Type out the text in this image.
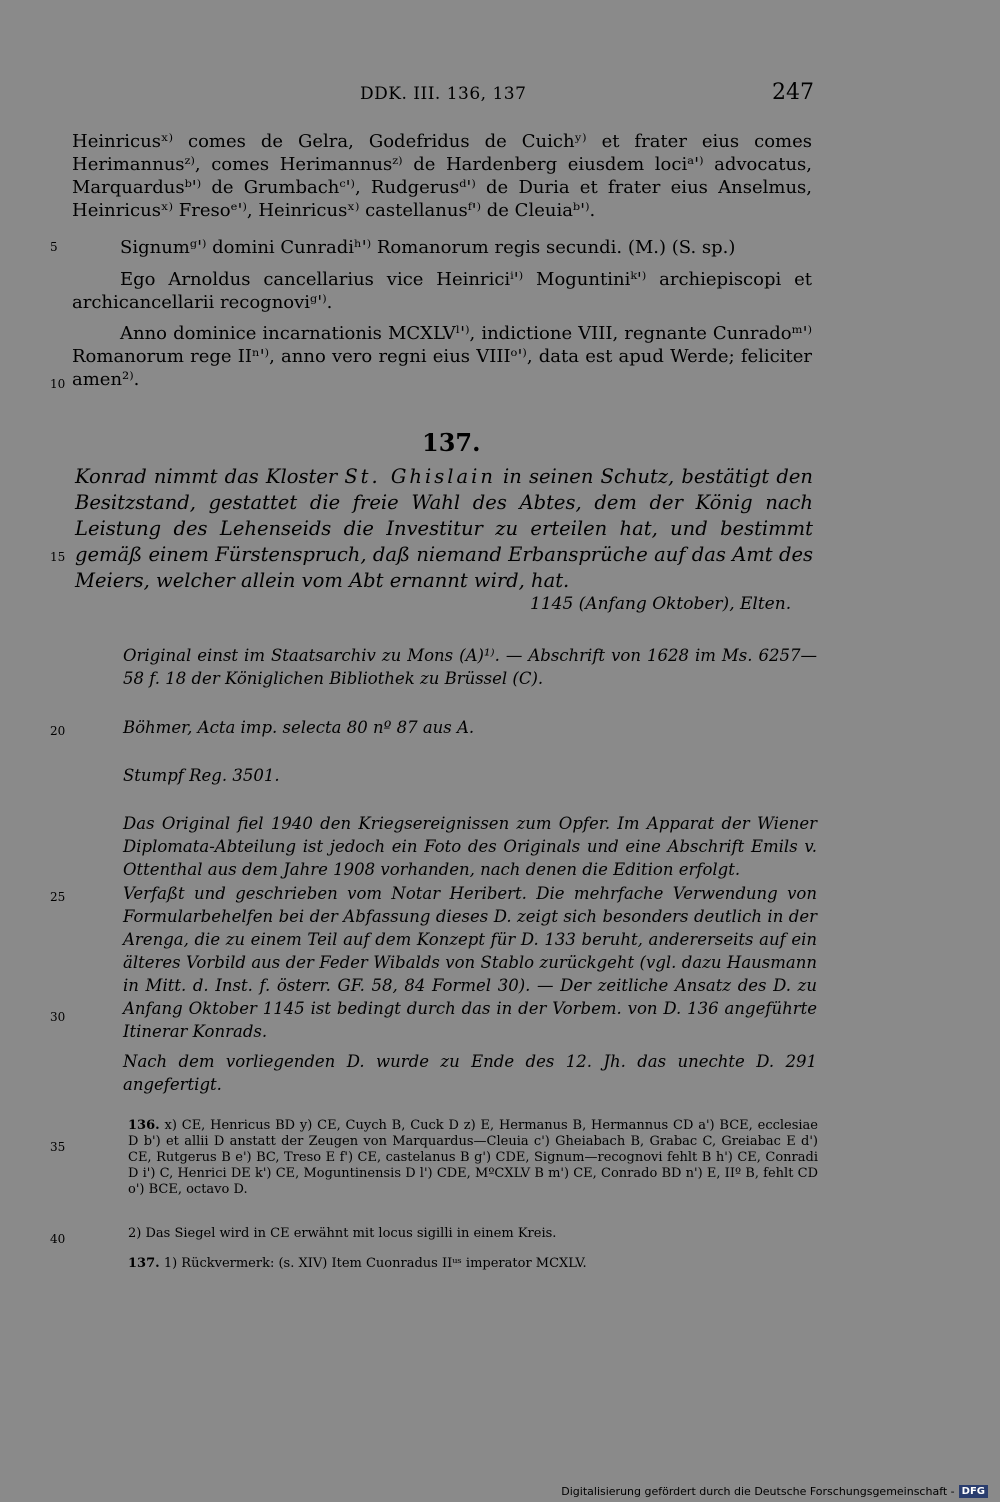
DDK. III. 136, 137	247
Heinricusˣ⁾ comes de Gelra, Godefridus de Cuichʸ⁾ et frater eius comes Herimannusᶻ⁾, comes Herimannusᶻ⁾ de Hardenberg eiusdem lociᵃ'⁾ advocatus, Marquardusᵇ'⁾ de Grumbachᶜ'⁾, Rudgerusᵈ'⁾ de Duria et frater eius Anselmus, Heinricusˣ⁾ Fresoᵉ'⁾, Heinricusˣ⁾ castellanusᶠ'⁾ de Cleuiaᵇ'⁾.
Signumᵍ'⁾ domini Cunradiʰ'⁾ Romanorum regis secundi. (M.) (S. sp.)
Ego Arnoldus cancellarius vice Heinriciⁱ'⁾ Moguntiniᵏ'⁾ archiepiscopi et archicancellarii recognoviᵍ'⁾.
Anno dominice incarnationis MCXLVˡ'⁾, indictione VIII, regnante Cunradoᵐ'⁾ Romanorum rege IIⁿ'⁾, anno vero regni eius VIIIᵒ'⁾, data est apud Werde; feliciter amen²⁾.
5
10
15
20
25
30
35
40
137.

Konrad nimmt das Kloster St. Ghislain in seinen Schutz, bestätigt den Besitzstand, gestattet die freie Wahl des Abtes, dem der König nach Leistung des Lehenseids die Investitur zu erteilen hat, und bestimmt gemäß einem Fürstenspruch, daß niemand Erbansprüche auf das Amt des Meiers, welcher allein vom Abt ernannt wird, hat.

1145 (Anfang Oktober), Elten.
Original einst im Staatsarchiv zu Mons (A)¹⁾. — Abschrift von 1628 im Ms. 6257—58 f. 18 der Königlichen Bibliothek zu Brüssel (C).
Böhmer, Acta imp. selecta 80 nº 87 aus A.
Stumpf Reg. 3501.
Das Original fiel 1940 den Kriegsereignissen zum Opfer. Im Apparat der Wiener Diplomata-Abteilung ist jedoch ein Foto des Originals und eine Abschrift Emils v. Ottenthal aus dem Jahre 1908 vorhanden, nach denen die Edition erfolgt.
Verfaßt und geschrieben vom Notar Heribert. Die mehrfache Verwendung von Formularbehelfen bei der Abfassung dieses D. zeigt sich besonders deutlich in der Arenga, die zu einem Teil auf dem Konzept für D. 133 beruht, andererseits auf ein älteres Vorbild aus der Feder Wibalds von Stablo zurückgeht (vgl. dazu Hausmann in Mitt. d. Inst. f. österr. GF. 58, 84 Formel 30). — Der zeitliche Ansatz des D. zu Anfang Oktober 1145 ist bedingt durch das in der Vorbem. von D. 136 angeführte Itinerar Konrads.
Nach dem vorliegenden D. wurde zu Ende des 12. Jh. das unechte D. 291 angefertigt.
136. x) CE, Henricus BD y) CE, Cuych B, Cuck D z) E, Hermanus B, Hermannus CD a') BCE, ecclesiae D b') et allii D anstatt der Zeugen von Marquardus—Cleuia c') Gheiabach B, Grabac C, Greiabac E d') CE, Rutgerus B e') BC, Treso E f') CE, castelanus B g') CDE, Signum—recognovi fehlt B h') CE, Conradi D i') C, Henrici DE k') CE, Moguntinensis D l') CDE, MºCXLV B m') CE, Conrado BD n') E, IIº B, fehlt CD o') BCE, octavo D.
2) Das Siegel wird in CE erwähnt mit locus sigilli in einem Kreis.
137. 1) Rückvermerk: (s. XIV) Item Cuonradus IIᵘˢ imperator MCXLV.
Digitalisierung gefördert durch die Deutsche Forschungsgemeinschaft - DFG
